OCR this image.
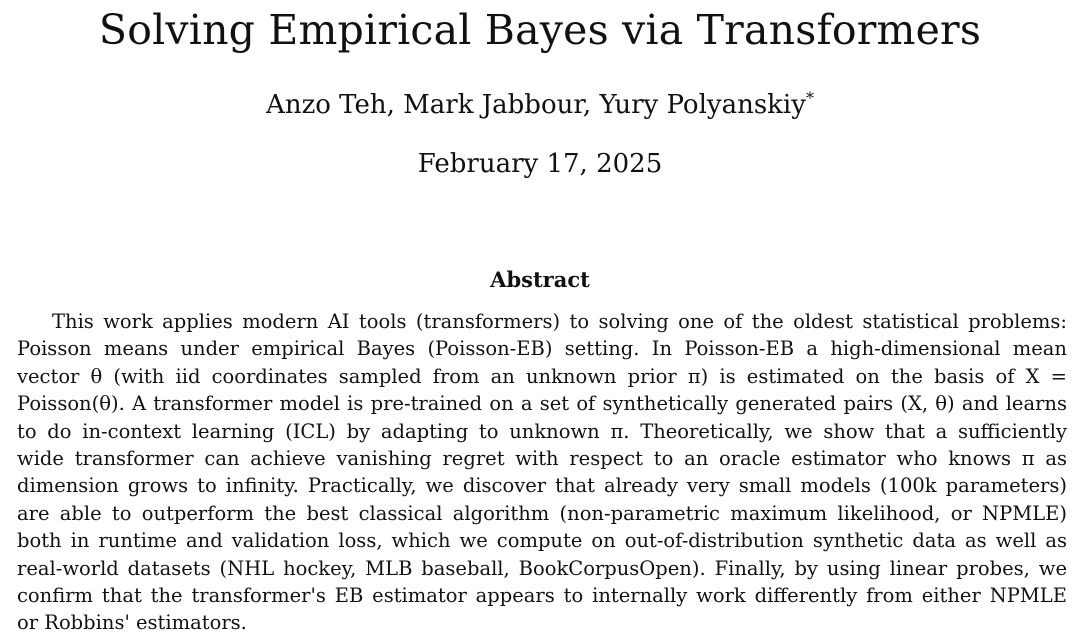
Solving Empirical Bayes via Transformers
Anzo Teh, Mark Jabbour, Yury Polyanskiy*
February 17, 2025
Abstract
This work applies modern AI tools (transformers) to solving one of the oldest statistical problems:
Poisson means under empirical Bayes (Poisson-EB) setting. In Poisson-EB a high-dimensional mean
vector θ (with iid coordinates sampled from an unknown prior π) is estimated on the basis of X =
Poisson(θ). A transformer model is pre-trained on a set of synthetically generated pairs (X, θ) and learns
to do in-context learning (ICL) by adapting to unknown π. Theoretically, we show that a sufficiently
wide transformer can achieve vanishing regret with respect to an oracle estimator who knows π as
dimension grows to infinity. Practically, we discover that already very small models (100k parameters)
are able to outperform the best classical algorithm (non-parametric maximum likelihood, or NPMLE)
both in runtime and validation loss, which we compute on out-of-distribution synthetic data as well as
real-world datasets (NHL hockey, MLB baseball, BookCorpusOpen). Finally, by using linear probes, we
confirm that the transformer's EB estimator appears to internally work differently from either NPMLE
or Robbins' estimators.
